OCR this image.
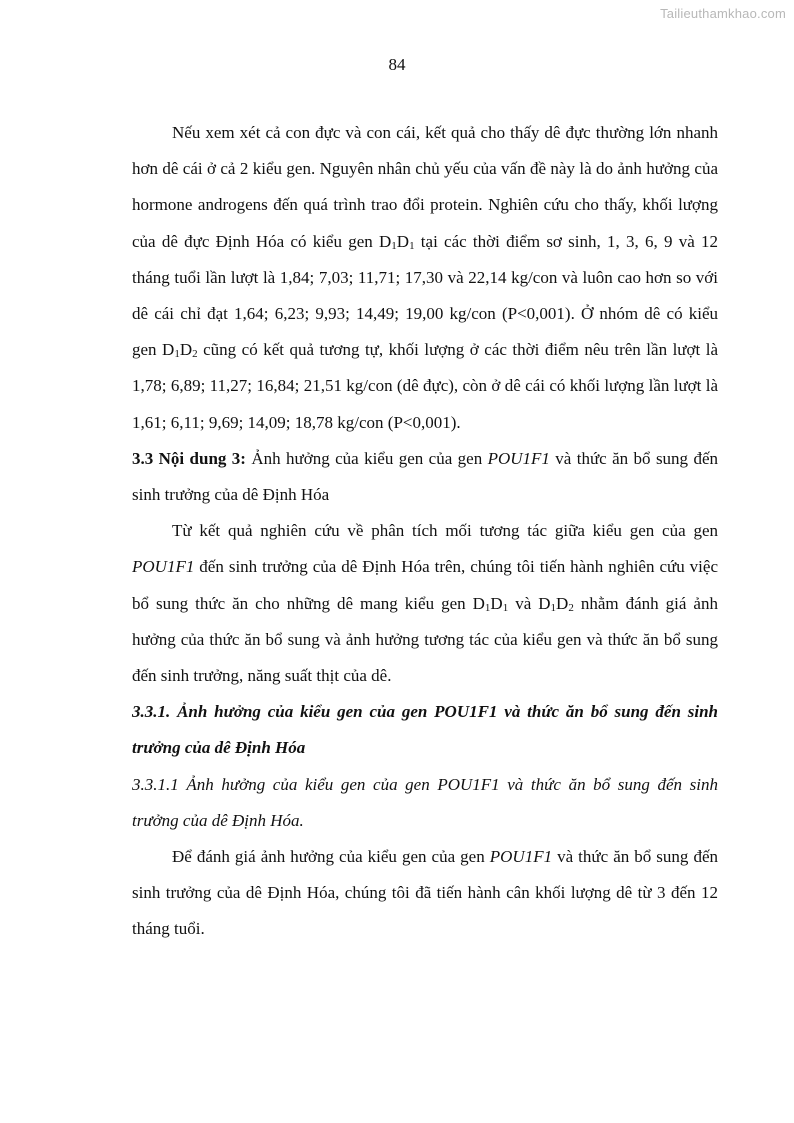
Tailieuthamkhao.com
84

Nếu xem xét cả con đực và con cái, kết quả cho thấy dê đực thường lớn nhanh hơn dê cái ở cả 2 kiểu gen. Nguyên nhân chủ yếu của vấn đề này là do ảnh hưởng của hormone androgens đến quá trình trao đổi protein. Nghiên cứu cho thấy, khối lượng của dê đực Định Hóa có kiểu gen $D_1D_1$ tại các thời điểm sơ sinh, 1, 3, 6, 9 và 12 tháng tuổi lần lượt là 1,84; 7,03; 11,71; 17,30 và 22,14 kg/con và luôn cao hơn so với dê cái chỉ đạt 1,64; 6,23; 9,93; 14,49; 19,00 kg/con (P<0,001). Ở nhóm dê có kiểu gen $D_1D_2$ cũng có kết quả tương tự, khối lượng ở các thời điểm nêu trên lần lượt là 1,78; 6,89; 11,27; 16,84; 21,51 kg/con (dê đực), còn ở dê cái có khối lượng lần lượt là 1,61; 6,11; 9,69; 14,09; 18,78 kg/con (P<0,001).

3.3 Nội dung 3: Ảnh hưởng của kiểu gen của gen POU1F1 và thức ăn bổ sung đến sinh trưởng của dê Định Hóa

Từ kết quả nghiên cứu về phân tích mối tương tác giữa kiểu gen của gen POU1F1 đến sinh trưởng của dê Định Hóa trên, chúng tôi tiến hành nghiên cứu việc bổ sung thức ăn cho những dê mang kiểu gen $D_1D_1$ và $D_1D_2$ nhằm đánh giá ảnh hưởng của thức ăn bổ sung và ảnh hưởng tương tác của kiểu gen và thức ăn bổ sung đến sinh trưởng, năng suất thịt của dê.

3.3.1. Ảnh hưởng của kiểu gen của gen POU1F1 và thức ăn bổ sung đến sinh trưởng của dê Định Hóa

3.3.1.1 Ảnh hưởng của kiểu gen của gen POU1F1 và thức ăn bổ sung đến sinh trưởng của dê Định Hóa.

Để đánh giá ảnh hưởng của kiểu gen của gen POU1F1 và thức ăn bổ sung đến sinh trưởng của dê Định Hóa, chúng tôi đã tiến hành cân khối lượng dê từ 3 đến 12 tháng tuổi.
